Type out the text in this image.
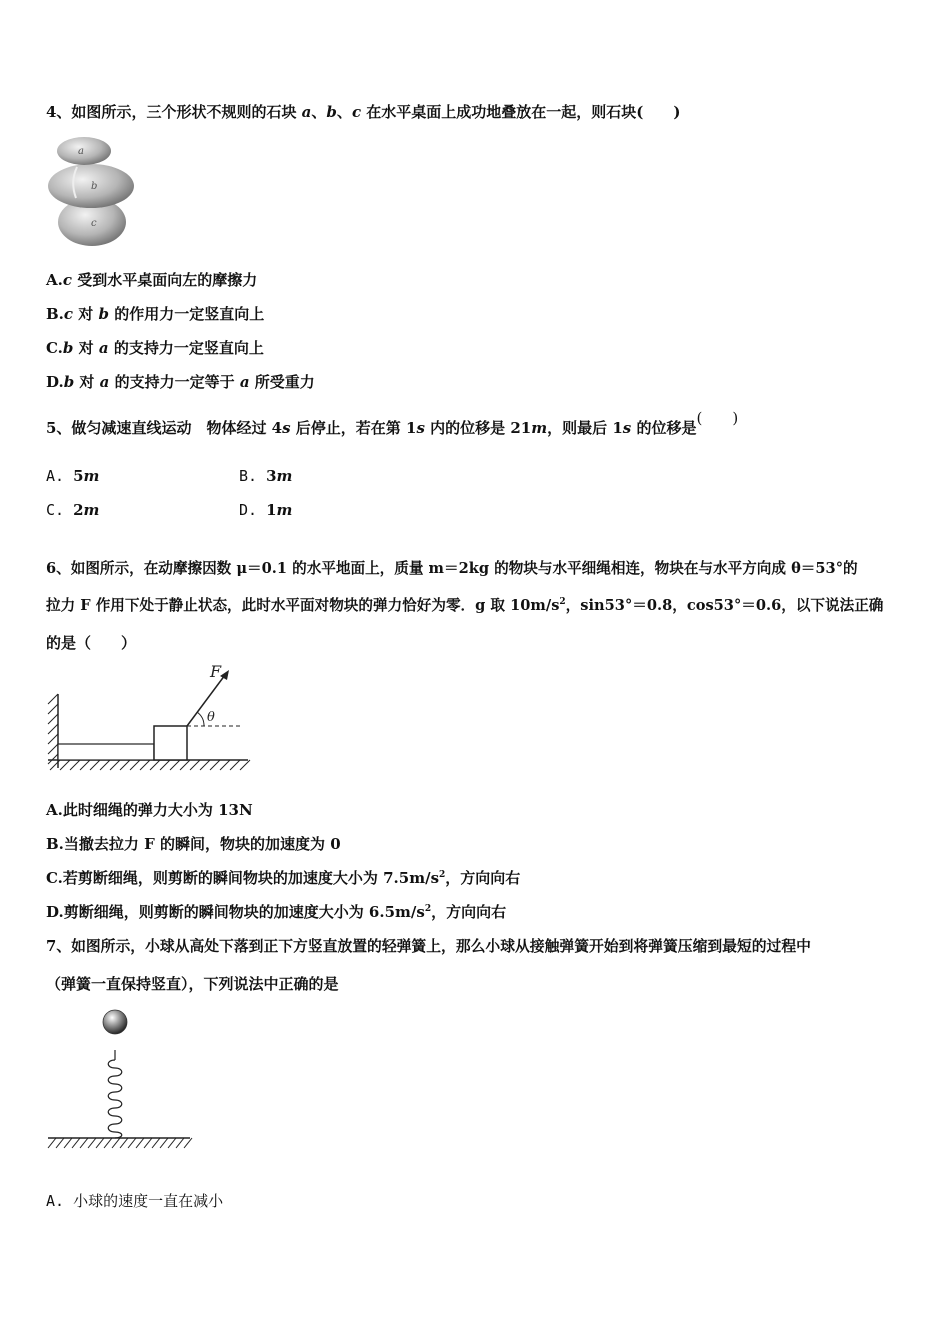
4、如图所示，三个形状不规则的石块 a、b、c 在水平桌面上成功地叠放在一起，则石块(　　)
a
b
c
A.c 受到水平桌面向左的摩擦力
B.c 对 b 的作用力一定竖直向上
C.b 对 a 的支持力一定竖直向上
D.b 对 a 的支持力一定等于 a 所受重力
5、做匀减速直线运动　物体经过 4s 后停止，若在第 1s 内的位移是 21m，则最后 1s 的位移是(　　)
A. 5m	B. 3m
C. 2m	D. 1m
6、如图所示，在动摩擦因数 μ＝0.1 的水平地面上，质量 m＝2kg 的物块与水平细绳相连，物块在与水平方向成 θ＝53°的
拉力 F 作用下处于静止状态，此时水平面对物块的弹力恰好为零．g 取 $10m/s^2$，sin53°＝0.8，cos53°＝0.6，以下说法正确
的是（　　）
F
θ
A.此时细绳的弹力大小为 13N
B.当撤去拉力 F 的瞬间，物块的加速度为 0
C.若剪断细绳，则剪断的瞬间物块的加速度大小为 $7.5m/s^2$，方向向右
D.剪断细绳，则剪断的瞬间物块的加速度大小为 $6.5m/s^2$，方向向右
7、如图所示，小球从高处下落到正下方竖直放置的轻弹簧上，那么小球从接触弹簧开始到将弹簧压缩到最短的过程中
（弹簧一直保持竖直），下列说法中正确的是
A. 小球的速度一直在减小
